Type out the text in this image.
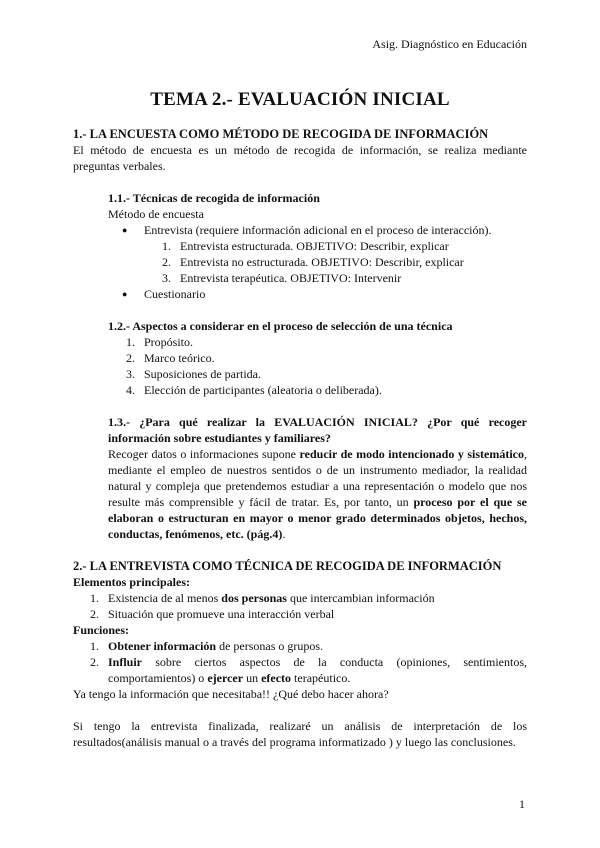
Asig. Diagnóstico en Educación
TEMA 2.- EVALUACIÓN INICIAL
1.- LA ENCUESTA COMO MÉTODO DE RECOGIDA DE INFORMACIÓN
El método de encuesta es un método de recogida de información, se realiza mediante
preguntas verbales.
1.1.- Técnicas de recogida de información
Método de encuesta
● Entrevista (requiere información adicional en el proceso de interacción).
1. Entrevista estructurada. OBJETIVO: Describir, explicar
2. Entrevista no estructurada. OBJETIVO: Describir, explicar
3. Entrevista terapéutica. OBJETIVO: Intervenir
● Cuestionario
1.2.- Aspectos a considerar en el proceso de selección de una técnica
1. Propósito.
2. Marco teórico.
3. Suposiciones de partida.
4. Elección de participantes (aleatoria o deliberada).
1.3.- ¿Para qué realizar la EVALUACIÓN INICIAL? ¿Por qué recoger
información sobre estudiantes y familiares?
Recoger datos o informaciones supone reducir de modo intencionado y sistemático,
mediante el empleo de nuestros sentidos o de un instrumento mediador, la realidad
natural y compleja que pretendemos estudiar a una representación o modelo que nos
resulte más comprensible y fácil de tratar. Es, por tanto, un proceso por el que se
elaboran o estructuran en mayor o menor grado determinados objetos, hechos,
conductas, fenómenos, etc. (pág.4).
2.- LA ENTREVISTA COMO TÉCNICA DE RECOGIDA DE INFORMACIÓN
Elementos principales:
1. Existencia de al menos dos personas que intercambian información
2. Situación que promueve una interacción verbal
Funciones:
1. Obtener información de personas o grupos.
2. Influir sobre ciertos aspectos de la conducta (opiniones, sentimientos,
comportamientos) o ejercer un efecto terapéutico.
Ya tengo la información que necesitaba!! ¿Qué debo hacer ahora?
Si tengo la entrevista finalizada, realizaré un análisis de interpretación de los
resultados(análisis manual o a través del programa informatizado ) y luego las conclusiones.
1
